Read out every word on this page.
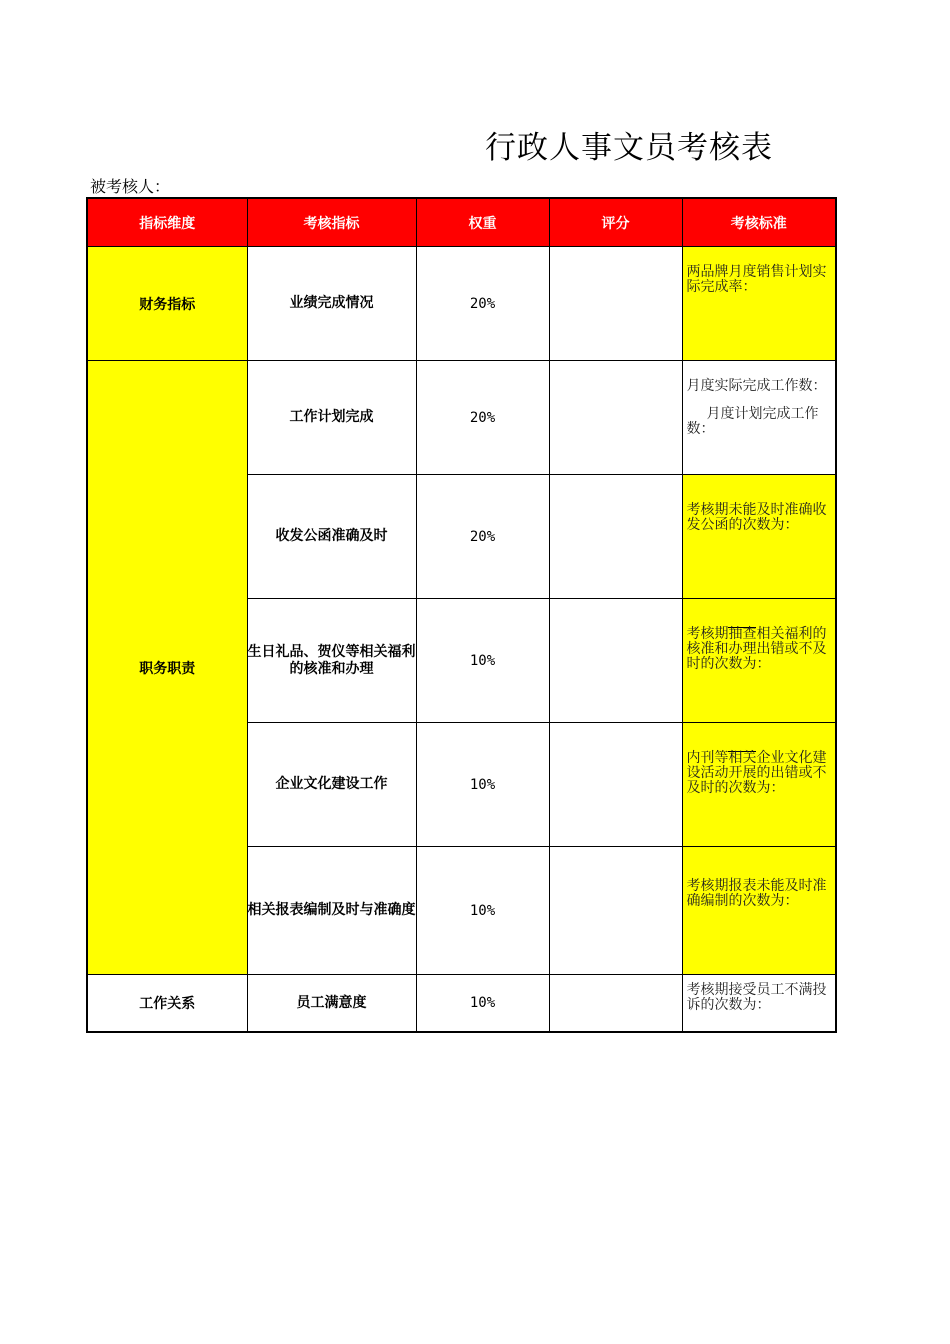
行政人事文员考核表
被考核人：
指标维度	考核指标	权重	评分	考核标准
财务指标	业绩完成情况	20%		两品牌月度销售计划实际完成率：
职务职责	工作计划完成	20%		月度实际完成工作数：
月度计划完成工作数：

	收发公函准确及时	20%		考核期未能及时准确收发公函的次数为：
	生日礼品、贺仪等相关福利的核准和办理	10%		考核期抽查相关福利的核准和办理出错或不及时的次数为：
	企业文化建设工作	10%		内刊等相关企业文化建设活动开展的出错或不及时的次数为：
	相关报表编制及时与准确度	10%		考核期报表未能及时准确编制的次数为：
工作关系	员工满意度	10%		考核期接受员工不满投诉的次数为：
